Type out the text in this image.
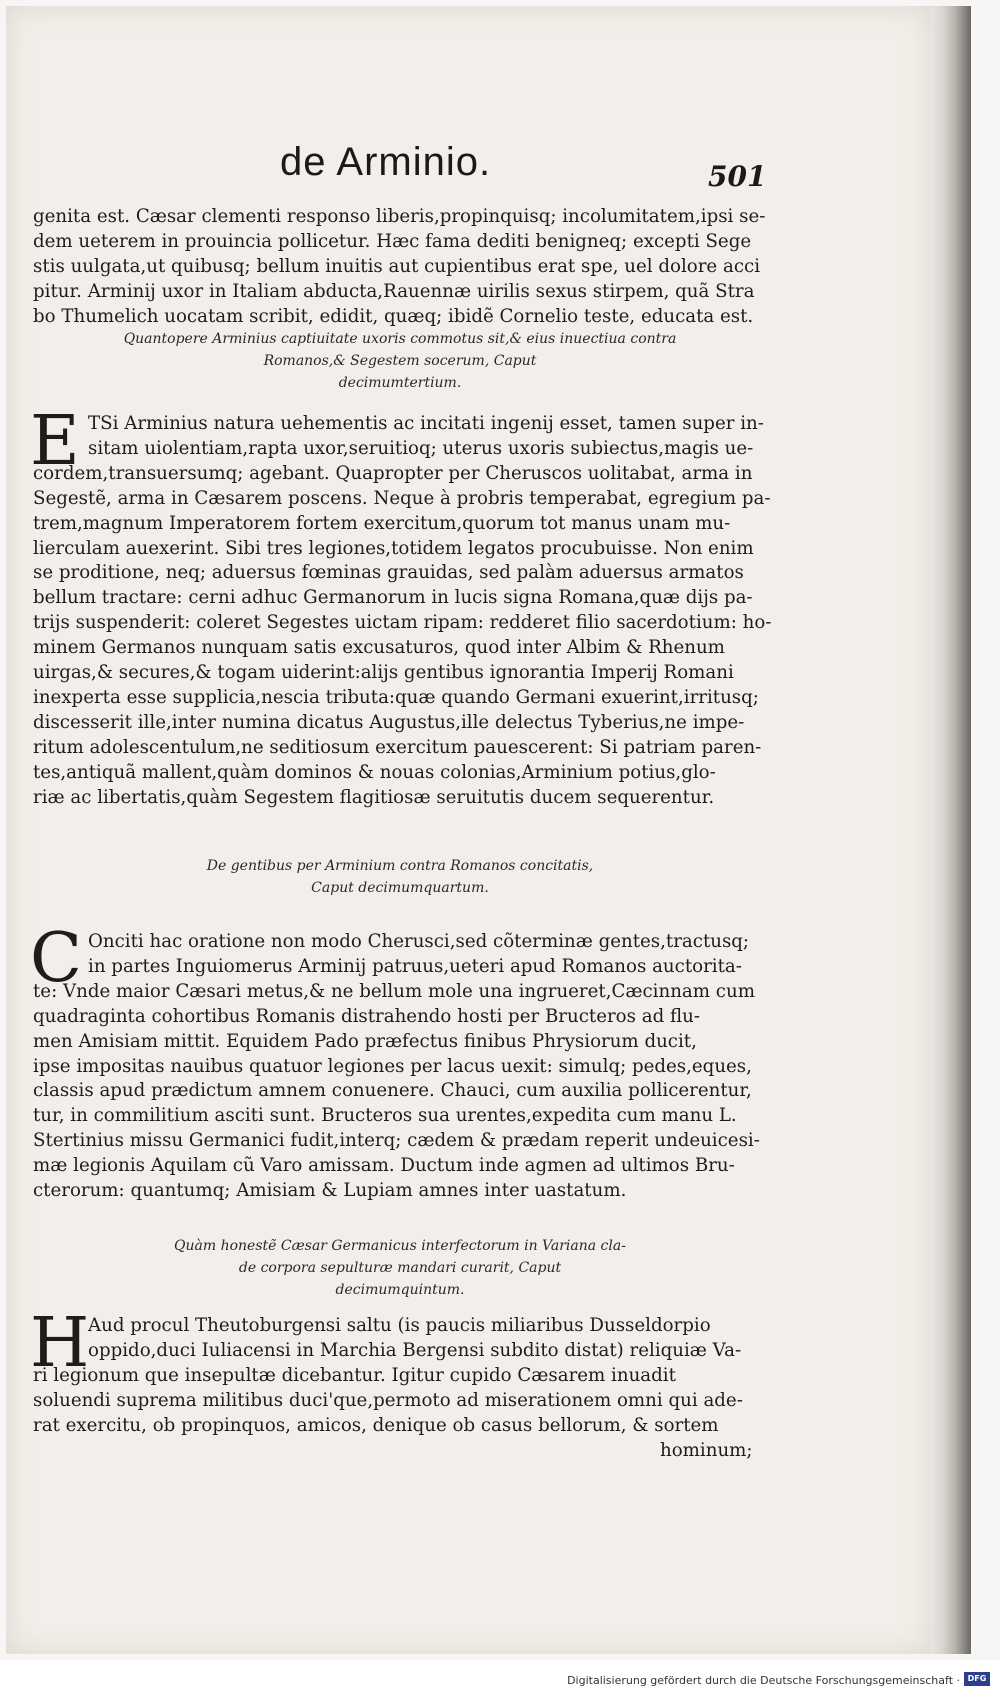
de Arminio.	501
genita est. Cæsar clementi responso liberis,propinquisq; incolumitatem,ipsi se-
dem ueterem in prouincia pollicetur. Hæc fama dediti benigneq; excepti Sege
stis uulgata,ut quibusq; bellum inuitis aut cupientibus erat spe, uel dolore acci
pitur. Arminij uxor in Italiam abducta,Rauennæ uirilis sexus stirpem, quã Stra
bo Thumelich uocatam scribit, edidit, quæq; ibidẽ Cornelio teste, educata est.
Quantopere Arminius captiuitate uxoris commotus sit,& eius inuectiua contra
Romanos,& Segestem socerum, Caput
decimumtertium.
E TSi Arminius natura uehementis ac incitati ingenij esset, tamen super in-
sitam uiolentiam,rapta uxor,seruitioq; uterus uxoris subiectus,magis ue-
cordem,transuersumq; agebant. Quapropter per Cheruscos uolitabat, arma in
Segestẽ, arma in Cæsarem poscens. Neque à probris temperabat, egregium pa-
trem,magnum Imperatorem fortem exercitum,quorum tot manus unam mu-
lierculam auexerint. Sibi tres legiones,totidem legatos procubuisse. Non enim
se proditione, neq; aduersus fœminas grauidas, sed palàm aduersus armatos
bellum tractare: cerni adhuc Germanorum in lucis signa Romana,quæ dijs pa-
trijs suspenderit: coleret Segestes uictam ripam: redderet filio sacerdotium: ho-
minem Germanos nunquam satis excusaturos, quod inter Albim & Rhenum
uirgas,& secures,& togam uiderint:alijs gentibus ignorantia Imperij Romani
inexperta esse supplicia,nescia tributa:quæ quando Germani exuerint,irritusq;
discesserit ille,inter numina dicatus Augustus,ille delectus Tyberius,ne impe-
ritum adolescentulum,ne seditiosum exercitum pauescerent: Si patriam paren-
tes,antiquã mallent,quàm dominos & nouas colonias,Arminium potius,glo-
riæ ac libertatis,quàm Segestem flagitiosæ seruitutis ducem sequerentur.
De gentibus per Arminium contra Romanos concitatis,
Caput decimumquartum.
C Onciti hac oratione non modo Cherusci,sed cõterminæ gentes,tractusq;
in partes Inguiomerus Arminij patruus,ueteri apud Romanos auctorita-
te: Vnde maior Cæsari metus,& ne bellum mole una ingrueret,Cæcinnam cum
quadraginta cohortibus Romanis distrahendo hosti per Bructeros ad flu-
men Amisiam mittit. Equidem Pado præfectus finibus Phrysiorum ducit,
ipse impositas nauibus quatuor legiones per lacus uexit: simulq; pedes,eques,
classis apud prædictum amnem conuenere. Chauci, cum auxilia pollicerentur,
tur, in commilitium asciti sunt. Bructeros sua urentes,expedita cum manu L.
Stertinius missu Germanici fudit,interq; cædem & prædam reperit undeuicesi-
mæ legionis Aquilam cũ Varo amissam. Ductum inde agmen ad ultimos Bru-
cterorum: quantumq; Amisiam & Lupiam amnes inter uastatum.
Quàm honestẽ Cæsar Germanicus interfectorum in Variana cla-
de corpora sepulturæ mandari curarit, Caput
decimumquintum.
H
Aud procul Theutoburgensi saltu (is paucis miliaribus Dusseldorpio
oppido,duci Iuliacensi in Marchia Bergensi subdito distat) reliquiæ Va-
ri legionum que insepultæ dicebantur. Igitur cupido Cæsarem inuadit
soluendi suprema militibus duci'que,permoto ad miserationem omni qui ade-
rat exercitu, ob propinquos, amicos, denique ob casus bellorum, & sortem
hominum;
Digitalisierung gefördert durch die Deutsche Forschungsgemeinschaft · DFG
